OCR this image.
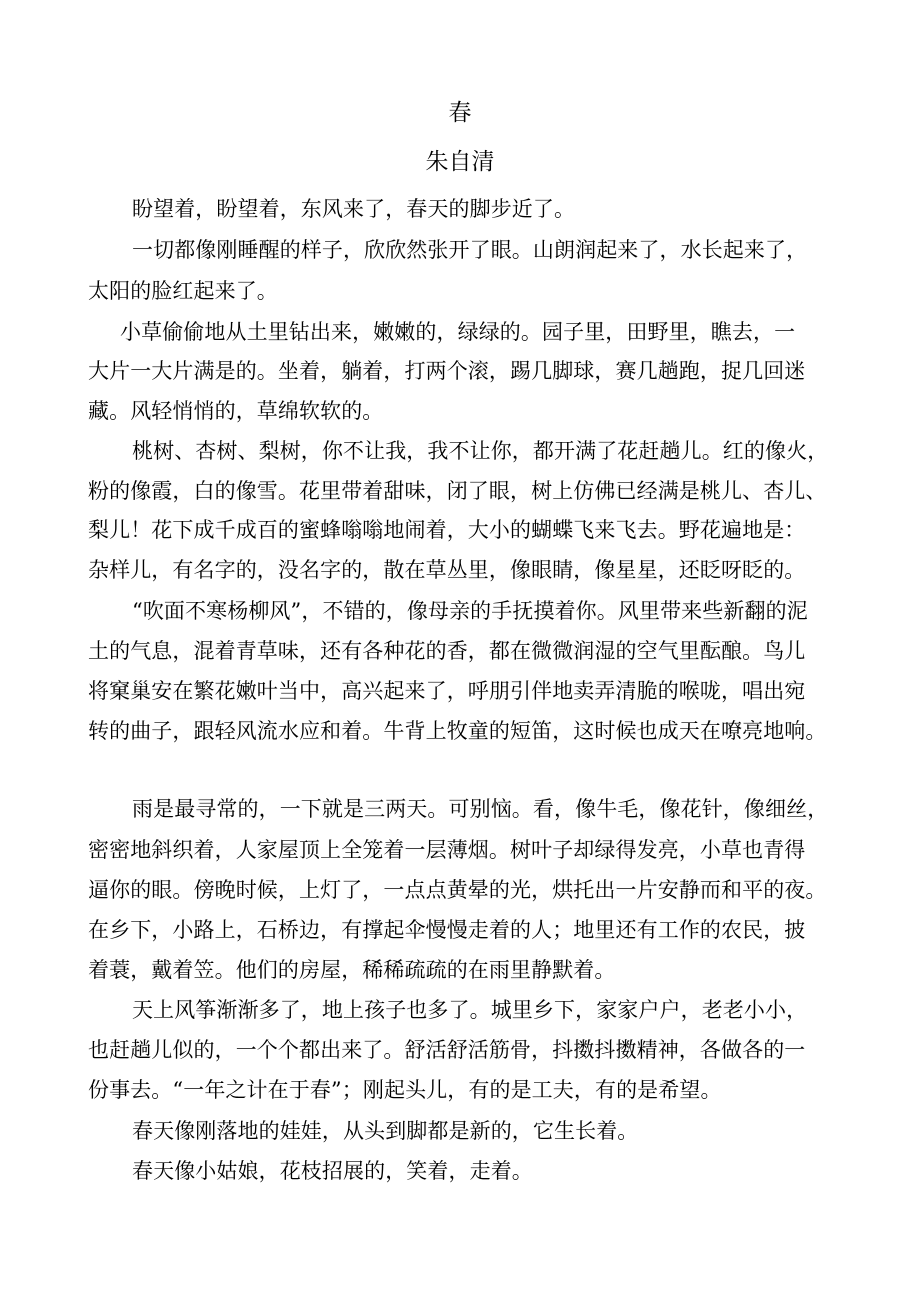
春
朱自清
盼望着，盼望着，东风来了，春天的脚步近了。
一切都像刚睡醒的样子，欣欣然张开了眼。山朗润起来了，水长起来了，
太阳的脸红起来了。
小草偷偷地从土里钻出来，嫩嫩的，绿绿的。园子里，田野里，瞧去，一
大片一大片满是的。坐着，躺着，打两个滚，踢几脚球，赛几趟跑，捉几回迷
藏。风轻悄悄的，草绵软软的。
桃树、杏树、梨树，你不让我，我不让你，都开满了花赶趟儿。红的像火，
粉的像霞，白的像雪。花里带着甜味，闭了眼，树上仿佛已经满是桃儿、杏儿、
梨儿！花下成千成百的蜜蜂嗡嗡地闹着，大小的蝴蝶飞来飞去。野花遍地是：
杂样儿，有名字的，没名字的，散在草丛里，像眼睛，像星星，还眨呀眨的。
“吹面不寒杨柳风”，不错的，像母亲的手抚摸着你。风里带来些新翻的泥
土的气息，混着青草味，还有各种花的香，都在微微润湿的空气里酝酿。鸟儿
将窠巢安在繁花嫩叶当中，高兴起来了，呼朋引伴地卖弄清脆的喉咙，唱出宛
转的曲子，跟轻风流水应和着。牛背上牧童的短笛，这时候也成天在嘹亮地响。
雨是最寻常的，一下就是三两天。可别恼。看，像牛毛，像花针，像细丝，
密密地斜织着，人家屋顶上全笼着一层薄烟。树叶子却绿得发亮，小草也青得
逼你的眼。傍晚时候，上灯了，一点点黄晕的光，烘托出一片安静而和平的夜。
在乡下，小路上，石桥边，有撑起伞慢慢走着的人；地里还有工作的农民，披
着蓑，戴着笠。他们的房屋，稀稀疏疏的在雨里静默着。
天上风筝渐渐多了，地上孩子也多了。城里乡下，家家户户，老老小小，
也赶趟儿似的，一个个都出来了。舒活舒活筋骨，抖擞抖擞精神，各做各的一
份事去。“一年之计在于春”；刚起头儿，有的是工夫，有的是希望。
春天像刚落地的娃娃，从头到脚都是新的，它生长着。
春天像小姑娘，花枝招展的，笑着，走着。
